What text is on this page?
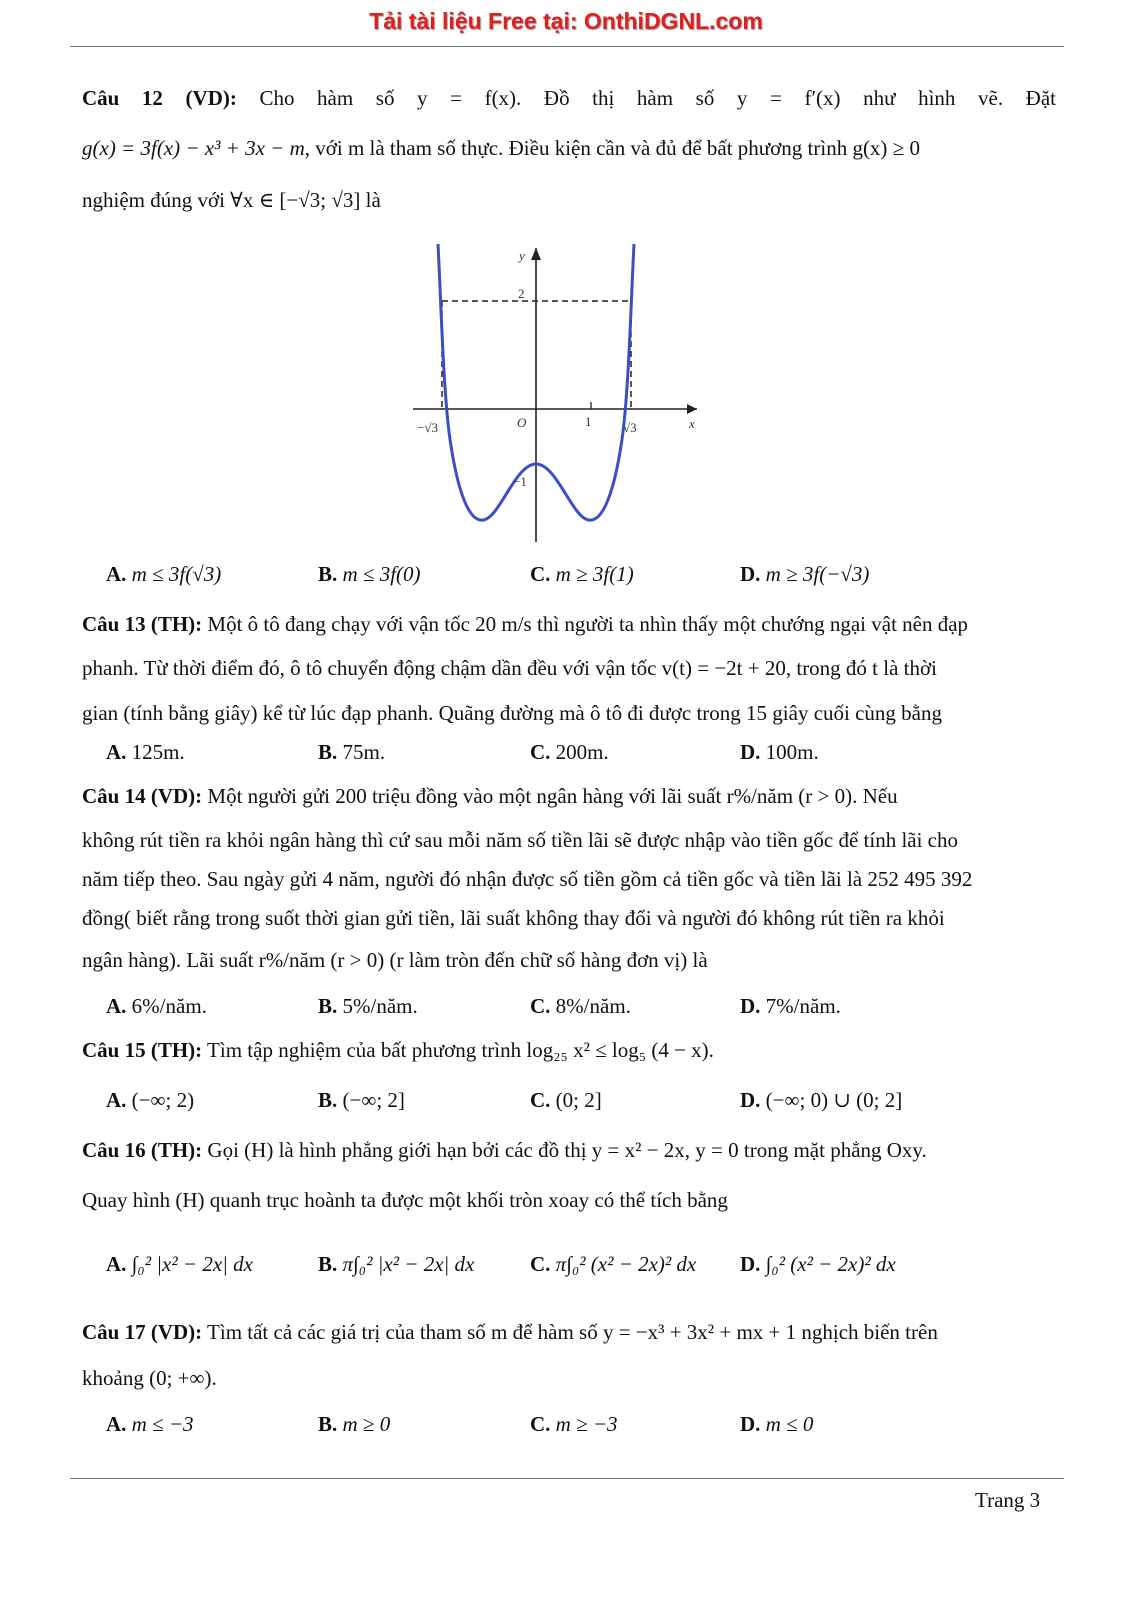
Tải tài liệu Free tại: OnthiDGNL.com
Câu 12 (VD): Cho hàm số y = f(x). Đồ thị hàm số y = f′(x) như hình vẽ. Đặt
g(x) = 3f(x) − x³ + 3x − m, với m là tham số thực. Điều kiện cần và đủ để bất phương trình g(x) ≥ 0
nghiệm đúng với ∀x ∈ [−√3; √3] là
y
x
O
2
−1
1
−√3	√3
A. m ≤ 3f(√3)	B. m ≤ 3f(0)	C. m ≥ 3f(1)	D. m ≥ 3f(−√3)
Câu 13 (TH): Một ô tô đang chạy với vận tốc 20 m/s thì người ta nhìn thấy một chướng ngại vật nên đạp
phanh. Từ thời điểm đó, ô tô chuyển động chậm dần đều với vận tốc v(t) = −2t + 20, trong đó t là thời
gian (tính bằng giây) kể từ lúc đạp phanh. Quãng đường mà ô tô đi được trong 15 giây cuối cùng bằng
A. 125m.	B. 75m.	C. 200m.	D. 100m.
Câu 14 (VD): Một người gửi 200 triệu đồng vào một ngân hàng với lãi suất r%/năm (r > 0). Nếu
không rút tiền ra khỏi ngân hàng thì cứ sau mỗi năm số tiền lãi sẽ được nhập vào tiền gốc để tính lãi cho
năm tiếp theo. Sau ngày gửi 4 năm, người đó nhận được số tiền gồm cả tiền gốc và tiền lãi là 252 495 392
đồng( biết rằng trong suốt thời gian gửi tiền, lãi suất không thay đổi và người đó không rút tiền ra khỏi
ngân hàng). Lãi suất r%/năm (r > 0) (r làm tròn đến chữ số hàng đơn vị) là
A. 6%/năm.	B. 5%/năm.	C. 8%/năm.	D. 7%/năm.
Câu 15 (TH): Tìm tập nghiệm của bất phương trình log₂₅ x² ≤ log₅ (4 − x).
A. (−∞; 2)	B. (−∞; 2]	C. (0; 2]	D. (−∞; 0) ∪ (0; 2]
Câu 16 (TH): Gọi (H) là hình phẳng giới hạn bởi các đồ thị y = x² − 2x, y = 0 trong mặt phẳng Oxy.
Quay hình (H) quanh trục hoành ta được một khối tròn xoay có thể tích bằng
A. ∫₀² |x² − 2x| dx	B. π∫₀² |x² − 2x| dx	C. π∫₀² (x² − 2x)² dx D. ∫₀² (x² − 2x)² dx
Câu 17 (VD): Tìm tất cả các giá trị của tham số m để hàm số y = −x³ + 3x² + mx + 1 nghịch biến trên
khoảng (0; +∞).
A. m ≤ −3	B. m ≥ 0	C. m ≥ −3	D. m ≤ 0
Trang 3
